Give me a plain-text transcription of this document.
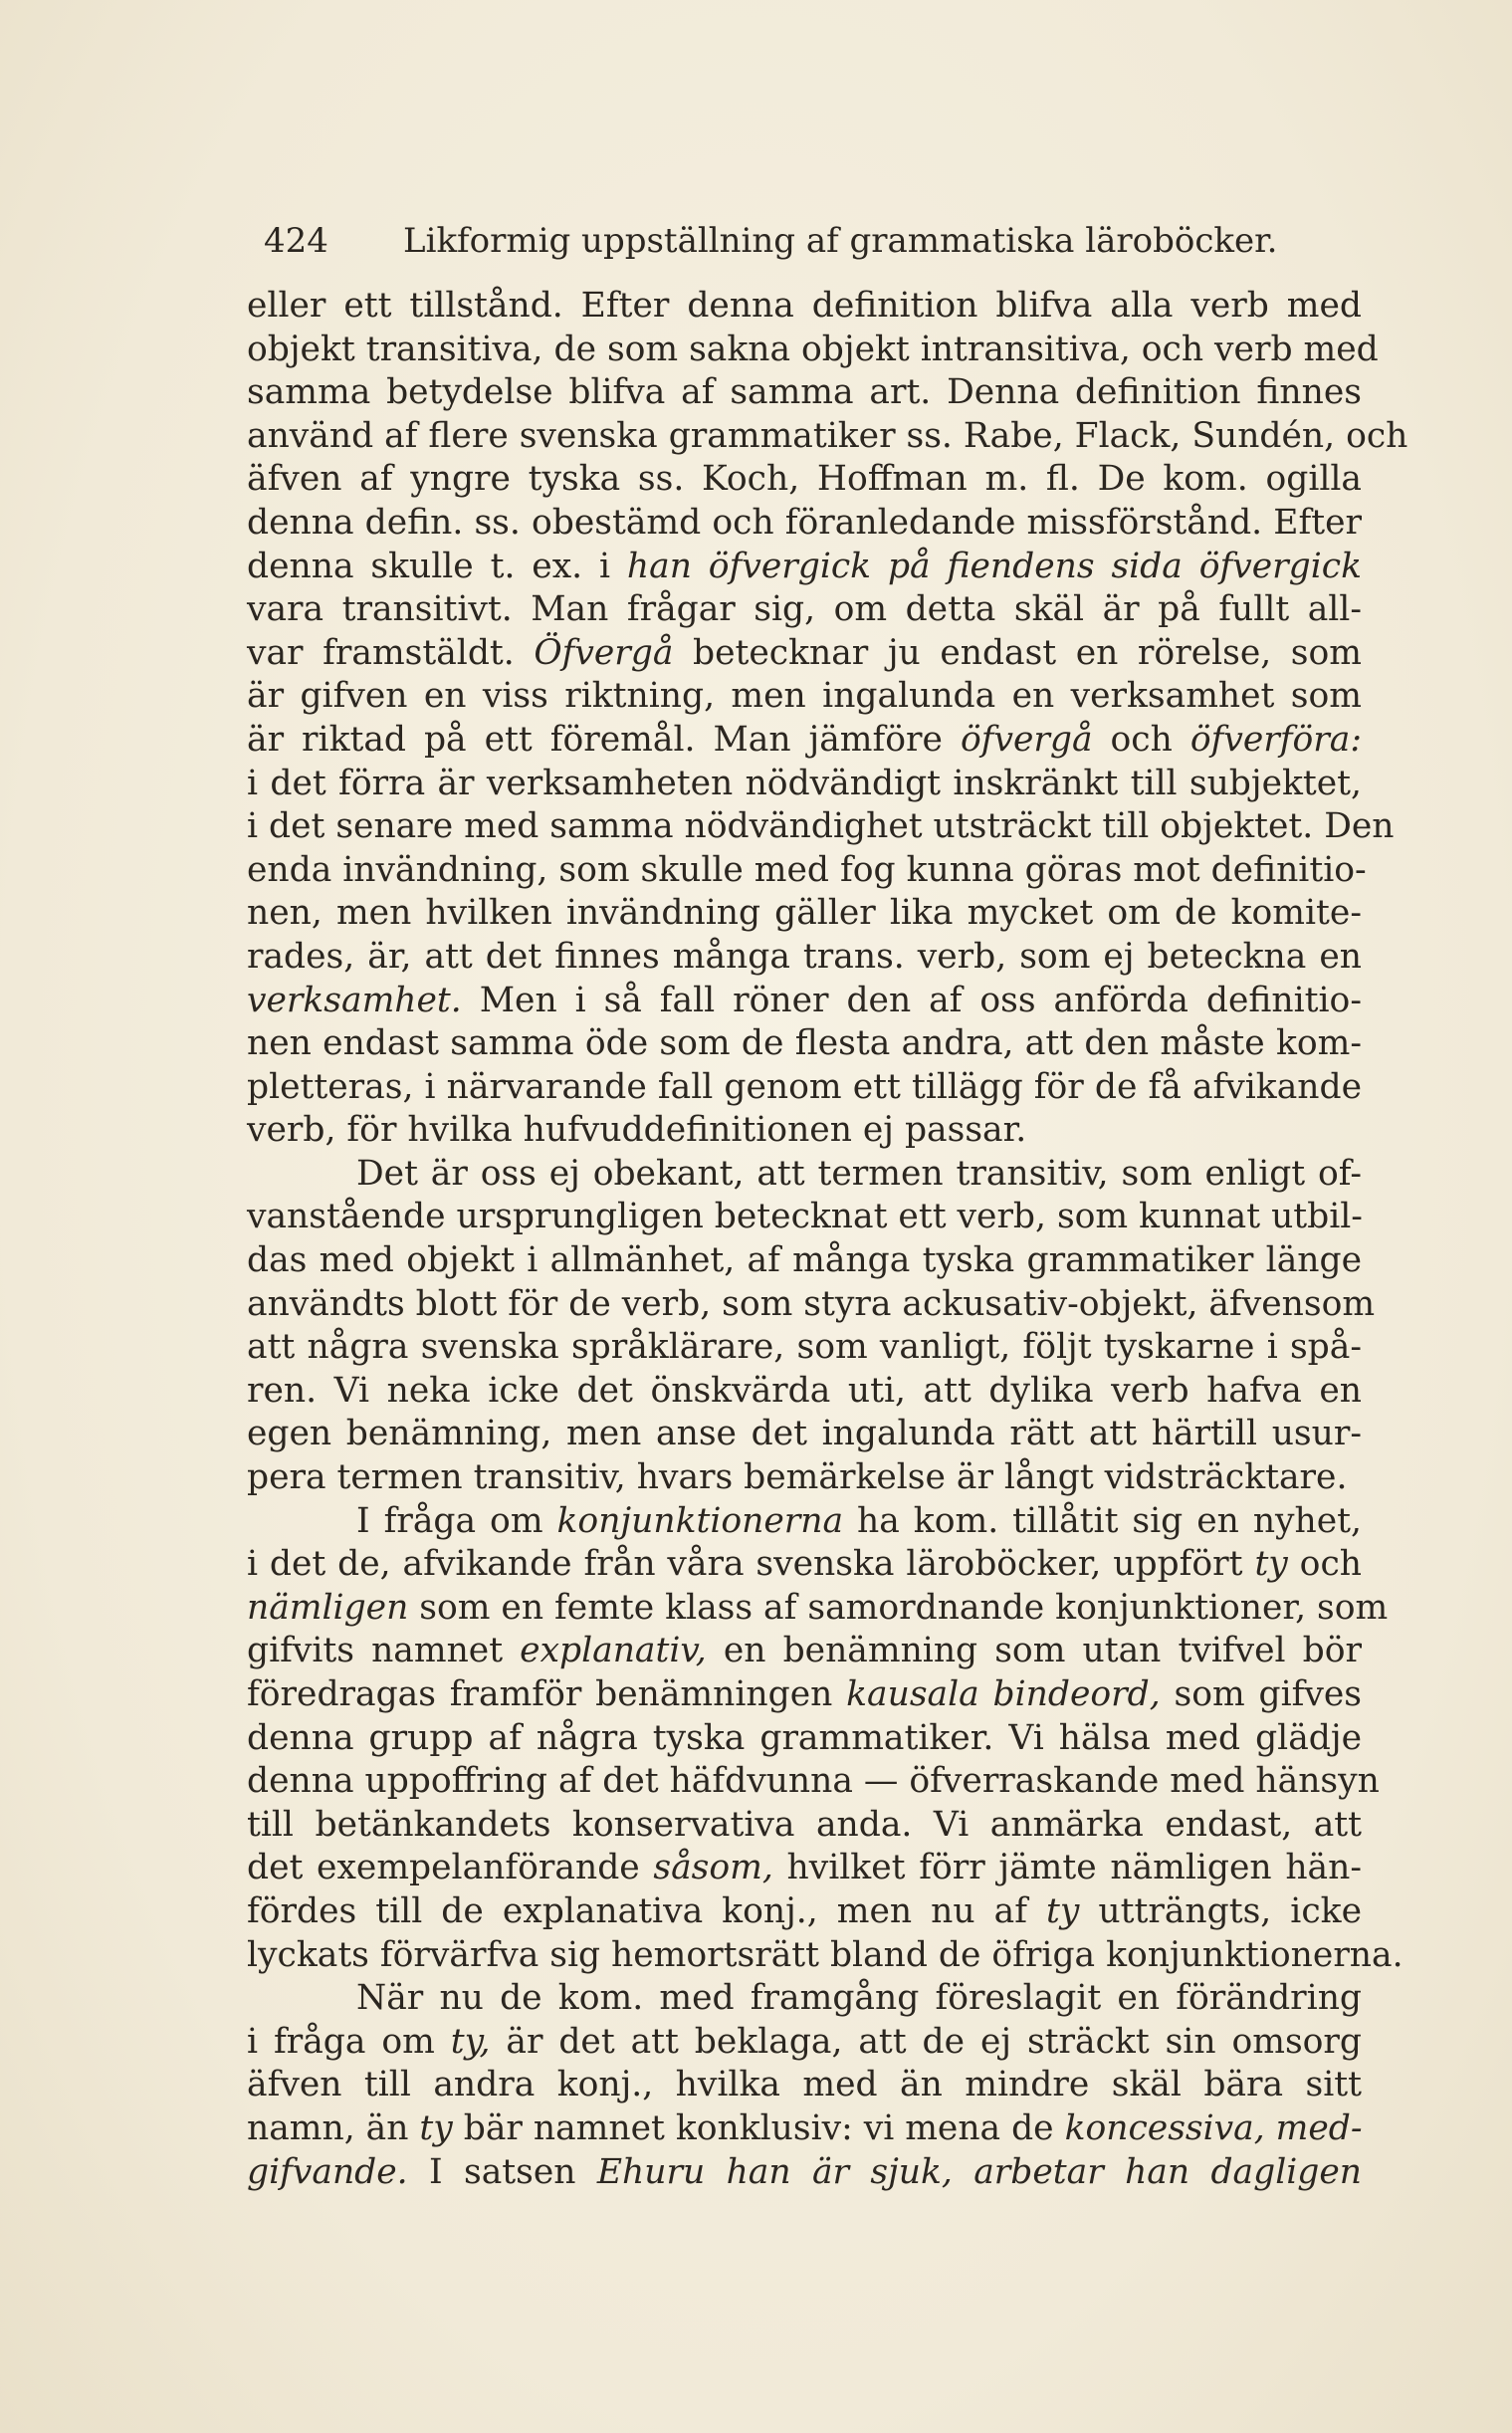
424 Likformig uppställning af grammatiska läroböcker.
eller ett tillstånd. Efter denna definition blifva alla verb med
objekt transitiva, de som sakna objekt intransitiva, och verb med
samma betydelse blifva af samma art. Denna definition finnes
använd af flere svenska grammatiker ss. Rabe, Flack, Sundén, och
äfven af yngre tyska ss. Koch, Hoffman m. fl. De kom. ogilla
denna defin. ss. obestämd och föranledande missförstånd. Efter
denna skulle t. ex. i han öfvergick på fiendens sida öfvergick
vara transitivt. Man frågar sig, om detta skäl är på fullt all-
var framstäldt. Öfvergå betecknar ju endast en rörelse, som
är gifven en viss riktning, men ingalunda en verksamhet som
är riktad på ett föremål. Man jämföre öfvergå och öfverföra:
i det förra är verksamheten nödvändigt inskränkt till subjektet,
i det senare med samma nödvändighet utsträckt till objektet. Den
enda invändning, som skulle med fog kunna göras mot definitio-
nen, men hvilken invändning gäller lika mycket om de komite-
rades, är, att det finnes många trans. verb, som ej beteckna en
verksamhet. Men i så fall röner den af oss anförda definitio-
nen endast samma öde som de flesta andra, att den måste kom-
pletteras, i närvarande fall genom ett tillägg för de få afvikande
verb, för hvilka hufvuddefinitionen ej passar.
Det är oss ej obekant, att termen transitiv, som enligt of-
vanstående ursprungligen betecknat ett verb, som kunnat utbil-
das med objekt i allmänhet, af många tyska grammatiker länge
användts blott för de verb, som styra ackusativ-objekt, äfvensom
att några svenska språklärare, som vanligt, följt tyskarne i spå-
ren. Vi neka icke det önskvärda uti, att dylika verb hafva en
egen benämning, men anse det ingalunda rätt att härtill usur-
pera termen transitiv, hvars bemärkelse är långt vidsträcktare.
I fråga om konjunktionerna ha kom. tillåtit sig en nyhet,
i det de, afvikande från våra svenska läroböcker, uppfört ty och
nämligen som en femte klass af samordnande konjunktioner, som
gifvits namnet explanativ, en benämning som utan tvifvel bör
föredragas framför benämningen kausala bindeord, som gifves
denna grupp af några tyska grammatiker. Vi hälsa med glädje
denna uppoffring af det häfdvunna — öfverraskande med hänsyn
till betänkandets konservativa anda. Vi anmärka endast, att
det exempelanförande såsom, hvilket förr jämte nämligen hän-
fördes till de explanativa konj., men nu af ty utträngts, icke
lyckats förvärfva sig hemortsrätt bland de öfriga konjunktionerna.
När nu de kom. med framgång föreslagit en förändring
i fråga om ty, är det att beklaga, att de ej sträckt sin omsorg
äfven till andra konj., hvilka med än mindre skäl bära sitt
namn, än ty bär namnet konklusiv: vi mena de koncessiva, med-
gifvande. I satsen Ehuru han är sjuk, arbetar han dagligen
